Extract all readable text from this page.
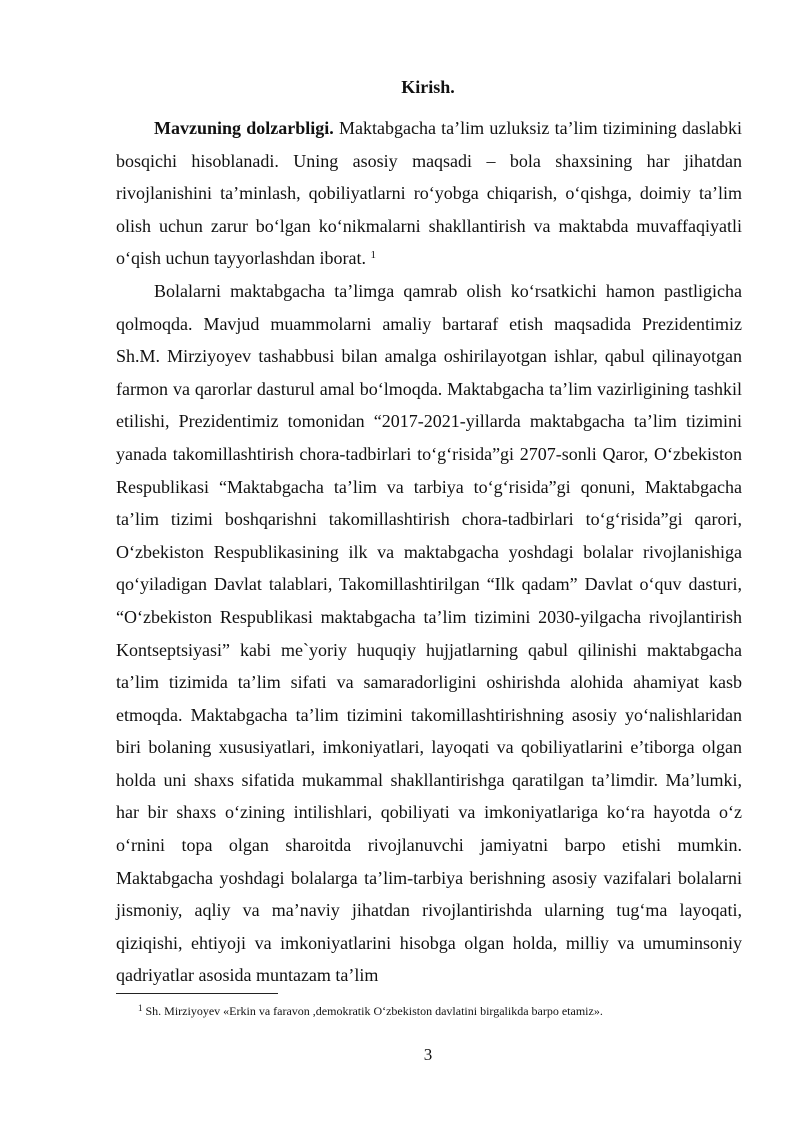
Kirish.

Mavzuning dolzarbligi. Maktabgacha ta’lim uzluksiz ta’lim tizimining daslabki bosqichi hisoblanadi. Uning asosiy maqsadi – bola shaxsining har jihatdan rivojlanishini ta’minlash, qobiliyatlarni ro‘yobga chiqarish, o‘qishga, doimiy ta’lim olish uchun zarur bo‘lgan ko‘nikmalarni shakllantirish va maktabda muvaffaqiyatli o‘qish uchun tayyorlashdan iborat. $^1$

Bolalarni maktabgacha ta’limga qamrab olish ko‘rsatkichi hamon pastligicha qolmoqda. Mavjud muammolarni amaliy bartaraf etish maqsadida Prezidentimiz Sh.M. Mirziyoyev tashabbusi bilan amalga oshirilayotgan ishlar, qabul qilinayotgan farmon va qarorlar dasturul amal bo‘lmoqda. Maktabgacha ta’lim vazirligining tashkil etilishi, Prezidentimiz tomonidan “2017-2021-yillarda maktabgacha ta’lim tizimini yanada takomillashtirish chora-tadbirlari to‘g‘risida”gi 2707-sonli Qaror, O‘zbekiston Respublikasi “Maktabgacha ta’lim va tarbiya to‘g‘risida”gi qonuni, Maktabgacha ta’lim tizimi boshqarishni takomillashtirish chora-tadbirlari to‘g‘risida”gi qarori, O‘zbekiston Respublikasining ilk va maktabgacha yoshdagi bolalar rivojlanishiga qo‘yiladigan Davlat talablari, Takomillashtirilgan “Ilk qadam” Davlat o‘quv dasturi, “O‘zbekiston Respublikasi maktabgacha ta’lim tizimini 2030-yilgacha rivojlantirish Kontseptsiyasi” kabi me`yoriy huquqiy hujjatlarning qabul qilinishi maktabgacha ta’lim tizimida ta’lim sifati va samaradorligini oshirishda alohida ahamiyat kasb etmoqda. Maktabgacha ta’lim tizimini takomillashtirishning asosiy yo‘nalishlaridan biri bolaning xususiyatlari, imkoniyatlari, layoqati va qobiliyatlarini e’tiborga olgan holda uni shaxs sifatida mukammal shakllantirishga qaratilgan ta’limdir. Ma’lumki, har bir shaxs o‘zining intilishlari, qobiliyati va imkoniyatlariga ko‘ra hayotda o‘z o‘rnini topa olgan sharoitda rivojlanuvchi jamiyatni barpo etishi mumkin. Maktabgacha yoshdagi bolalarga ta’lim-tarbiya berishning asosiy vazifalari bolalarni jismoniy, aqliy va ma’naviy jihatdan rivojlantirishda ularning tug‘ma layoqati, qiziqishi, ehtiyoji va imkoniyatlarini hisobga olgan holda, milliy va umuminsoniy qadriyatlar asosida muntazam ta’lim

$^1$ Sh. Mirziyoyev «Erkin va faravon ,demokratik O‘zbekiston davlatini birgalikda barpo etamiz».
3
